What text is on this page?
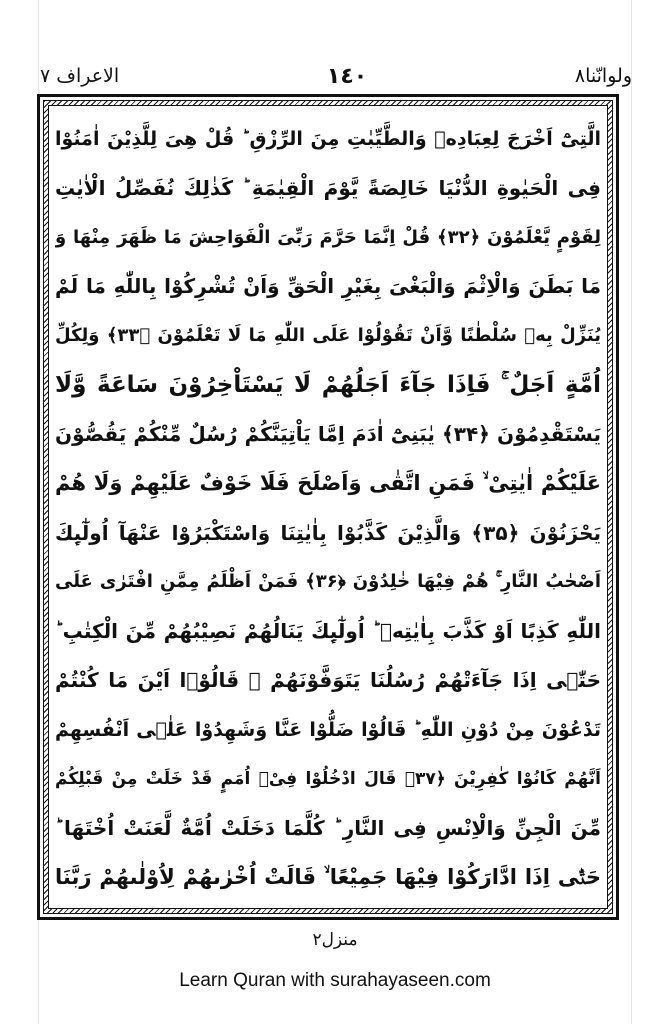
ولوانّنا٨
١٤٠
الاعراف ٧
الَّتِیْٓ اَخْرَجَ لِعِبَادِهٖ وَالطَّیِّبٰتِ مِنَ الرِّزْقِ ؕ قُلْ هِیَ لِلَّذِیْنَ اٰمَنُوْا
فِی الْحَیٰوةِ الدُّنْیَا خَالِصَةً یَّوْمَ الْقِیٰمَةِ ؕ كَذٰلِكَ نُفَصِّلُ الْاٰیٰتِ
لِقَوْمٍ یَّعْلَمُوْنَ ﴿۳۲﴾ قُلْ اِنَّمَا حَرَّمَ رَبِّیَ الْفَوَاحِشَ مَا ظَهَرَ مِنْهَا وَ
مَا بَطَنَ وَالْاِثْمَ وَالْبَغْیَ بِغَیْرِ الْحَقِّ وَاَنْ تُشْرِكُوْا بِاللّٰهِ مَا لَمْ
یُنَزِّلْ بِهٖ سُلْطٰنًا وَّاَنْ تَقُوْلُوْا عَلَی اللّٰهِ مَا لَا تَعْلَمُوْنَ ﴿۳۳﴾ وَلِكُلِّ
اُمَّةٍ اَجَلٌ ۚ فَاِذَا جَآءَ اَجَلُهُمْ لَا یَسْتَاْخِرُوْنَ سَاعَةً وَّلَا
یَسْتَقْدِمُوْنَ ﴿۳۴﴾ یٰبَنِیْٓ اٰدَمَ اِمَّا یَاْتِیَنَّكُمْ رُسُلٌ مِّنْكُمْ یَقُصُّوْنَ
عَلَیْكُمْ اٰیٰتِیْ ۙ فَمَنِ اتَّقٰی وَاَصْلَحَ فَلَا خَوْفٌ عَلَیْهِمْ وَلَا هُمْ
یَحْزَنُوْنَ ﴿۳۵﴾ وَالَّذِیْنَ كَذَّبُوْا بِاٰیٰتِنَا وَاسْتَكْبَرُوْا عَنْهَآ اُولٰٓىِٕكَ
اَصْحٰبُ النَّارِ ۚ هُمْ فِیْهَا خٰلِدُوْنَ ﴿۳۶﴾ فَمَنْ اَظْلَمُ مِمَّنِ افْتَرٰی عَلَی
اللّٰهِ كَذِبًا اَوْ كَذَّبَ بِاٰیٰتِهٖ ؕ اُولٰٓىِٕكَ یَنَالُهُمْ نَصِیْبُهُمْ مِّنَ الْكِتٰبِ ؕ
حَتّٰۤی اِذَا جَآءَتْهُمْ رُسُلُنَا یَتَوَفَّوْنَهُمْ ۙ قَالُوْۤا اَیْنَ مَا كُنْتُمْ
تَدْعُوْنَ مِنْ دُوْنِ اللّٰهِ ؕ قَالُوْا ضَلُّوْا عَنَّا وَشَهِدُوْا عَلٰۤی اَنْفُسِهِمْ
اَنَّهُمْ كَانُوْا كٰفِرِیْنَ ﴿۳۷﴾ قَالَ ادْخُلُوْا فِیْۤ اُمَمٍ قَدْ خَلَتْ مِنْ قَبْلِكُمْ
مِّنَ الْجِنِّ وَالْاِنْسِ فِی النَّارِ ؕ كُلَّمَا دَخَلَتْ اُمَّةٌ لَّعَنَتْ اُخْتَهَا ؕ
حَتّٰۤی اِذَا ادَّارَكُوْا فِیْهَا جَمِیْعًا ۙ قَالَتْ اُخْرٰىهُمْ لِاُوْلٰىهُمْ رَبَّنَا
منزل٢
Learn Quran with surahayaseen.com
